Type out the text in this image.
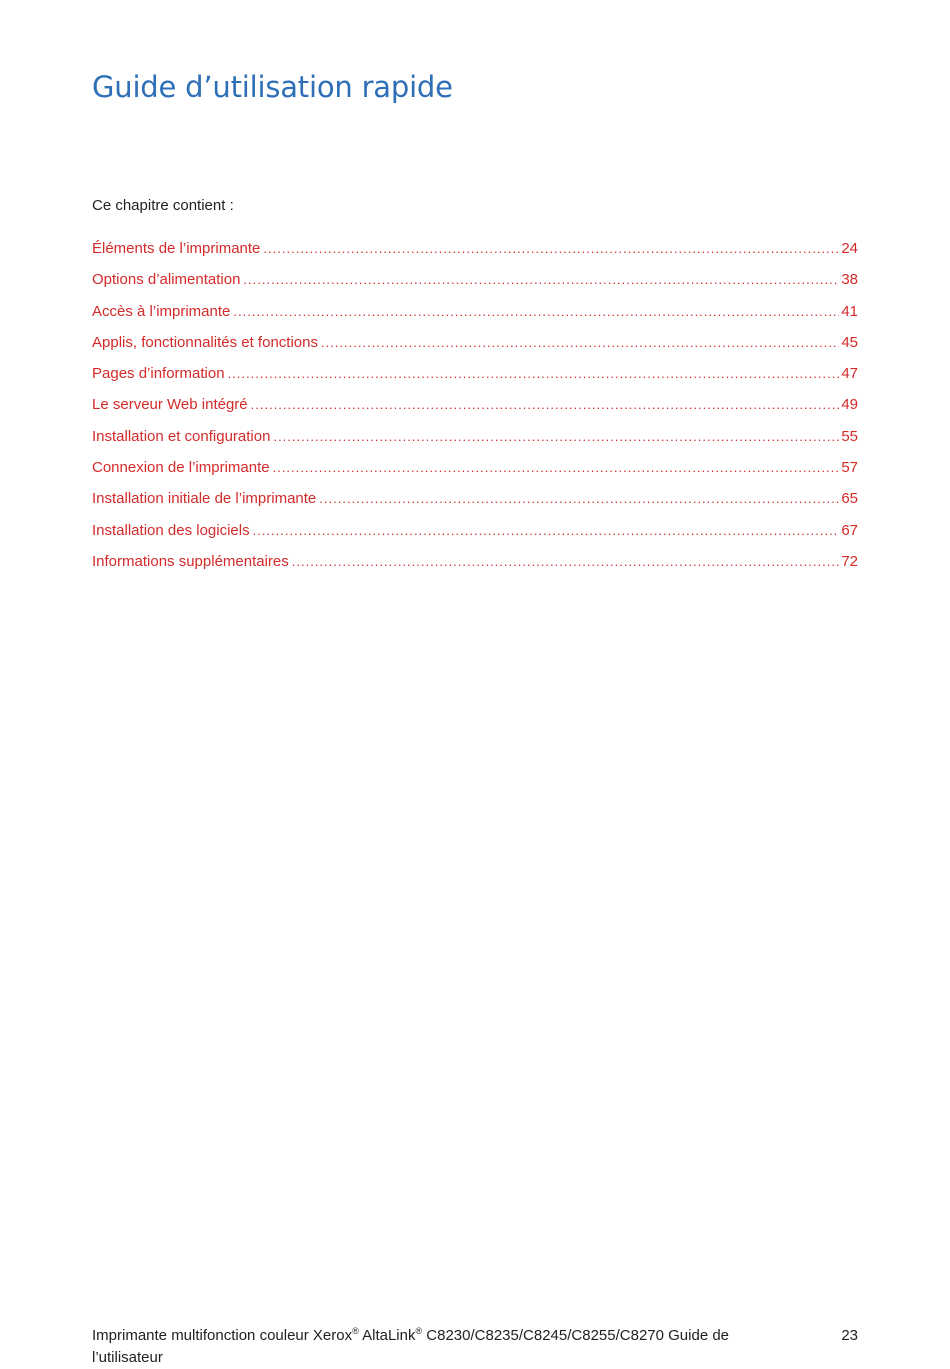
Guide d’utilisation rapide
Ce chapitre contient :
Éléments de l’imprimante .....	24
Options d’alimentation .....	38
Accès à l’imprimante .....	41
Applis, fonctionnalités et fonctions .....	45
Pages d’information .....	47
Le serveur Web intégré .....	49
Installation et configuration .....	55
Connexion de l’imprimante .....	57
Installation initiale de l’imprimante .....	65
Installation des logiciels .....	67
Informations supplémentaires .....	72
Imprimante multifonction couleur Xerox® AltaLink® C8230/C8235/C8245/C8255/C8270 Guide de l’utilisateur
23
